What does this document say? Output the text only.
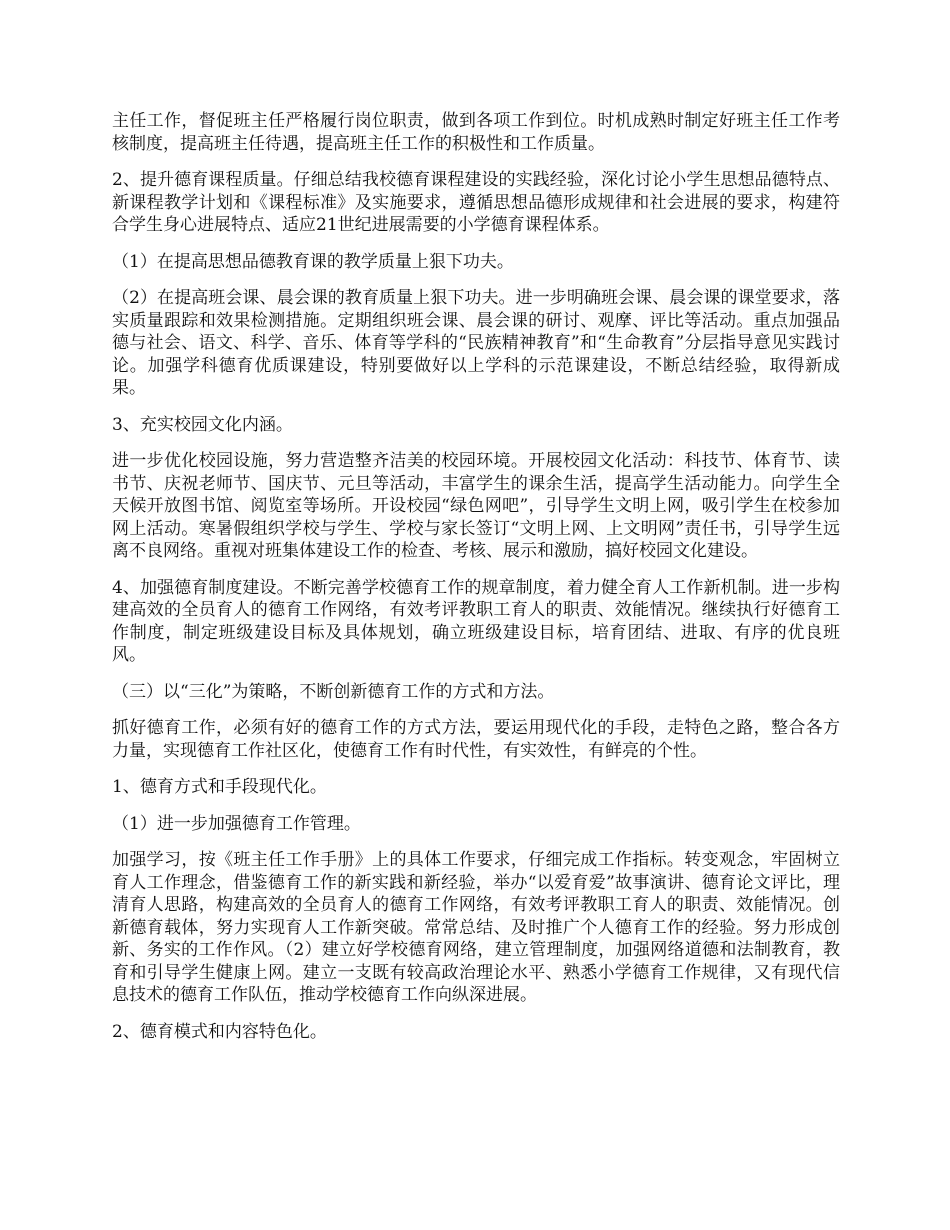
主任工作，督促班主任严格履行岗位职责，做到各项工作到位。时机成熟时制定好班主任工作考核制度，提高班主任待遇，提高班主任工作的积极性和工作质量。

2、提升德育课程质量。仔细总结我校德育课程建设的实践经验，深化讨论小学生思想品德特点、新课程教学计划和《课程标准》及实施要求，遵循思想品德形成规律和社会进展的要求，构建符合学生身心进展特点、适应21世纪进展需要的小学德育课程体系。

（1）在提高思想品德教育课的教学质量上狠下功夫。

（2）在提高班会课、晨会课的教育质量上狠下功夫。进一步明确班会课、晨会课的课堂要求，落实质量跟踪和效果检测措施。定期组织班会课、晨会课的研讨、观摩、评比等活动。重点加强品德与社会、语文、科学、音乐、体育等学科的“民族精神教育”和“生命教育”分层指导意见实践讨论。加强学科德育优质课建设，特别要做好以上学科的示范课建设，不断总结经验，取得新成果。

3、充实校园文化内涵。

进一步优化校园设施，努力营造整齐洁美的校园环境。开展校园文化活动：科技节、体育节、读书节、庆祝老师节、国庆节、元旦等活动，丰富学生的课余生活，提高学生活动能力。向学生全天候开放图书馆、阅览室等场所。开设校园“绿色网吧”，引导学生文明上网，吸引学生在校参加网上活动。寒暑假组织学校与学生、学校与家长签订“文明上网、上文明网”责任书，引导学生远离不良网络。重视对班集体建设工作的检查、考核、展示和激励，搞好校园文化建设。

4、加强德育制度建设。不断完善学校德育工作的规章制度，着力健全育人工作新机制。进一步构建高效的全员育人的德育工作网络，有效考评教职工育人的职责、效能情况。继续执行好德育工作制度，制定班级建设目标及具体规划，确立班级建设目标，培育团结、进取、有序的优良班风。

（三）以“三化”为策略，不断创新德育工作的方式和方法。

抓好德育工作，必须有好的德育工作的方式方法，要运用现代化的手段，走特色之路，整合各方力量，实现德育工作社区化，使德育工作有时代性，有实效性，有鲜亮的个性。

1、德育方式和手段现代化。

（1）进一步加强德育工作管理。

加强学习，按《班主任工作手册》上的具体工作要求，仔细完成工作指标。转变观念，牢固树立育人工作理念，借鉴德育工作的新实践和新经验，举办“以爱育爱”故事演讲、德育论文评比，理清育人思路，构建高效的全员育人的德育工作网络，有效考评教职工育人的职责、效能情况。创新德育载体，努力实现育人工作新突破。常常总结、及时推广个人德育工作的经验。努力形成创新、务实的工作作风。（2）建立好学校德育网络，建立管理制度，加强网络道德和法制教育，教育和引导学生健康上网。建立一支既有较高政治理论水平、熟悉小学德育工作规律，又有现代信息技术的德育工作队伍，推动学校德育工作向纵深进展。

2、德育模式和内容特色化。
